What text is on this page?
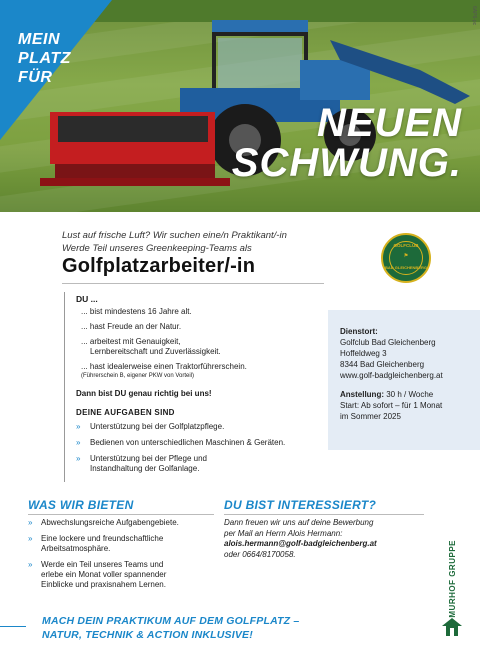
MEIN
PLATZ
FÜR
NEUEN
SCHWUNG.
6AP6-pc
Lust auf frische Luft? Wir suchen eine/n Praktikant/-in
Werde Teil unseres Greenkeeping-Teams als	GOLFCLUB
⚑
BAD GLEICHENBERG
Golfplatzarbeiter/-in
DU ...
... bist mindestens 16 Jahre alt.
... hast Freude an der Natur.
... arbeitest mit Genauigkeit,
Lernbereitschaft und Zuverlässigkeit.
... hast idealerweise einen Traktorführerschein.
(Führerschein B, eigener PKW von Vorteil)
Dann bist DU genau richtig bei uns!
DEINE AUFGABEN SIND
» Unterstützung bei der Golfplatzpflege.
» Bedienen von unterschiedlichen Maschinen & Geräten.
» Unterstützung bei der Pflege und
Instandhaltung der Golfanlage.
Dienstort:
Golfclub Bad Gleichenberg
Hoffeldweg 3
8344 Bad Gleichenberg
www.golf-badgleichenberg.at
Anstellung: 30 h / Woche
Start: Ab sofort – für 1 Monat
im Sommer 2025
WAS WIR BIETEN
» Abwechslungsreiche Aufgabengebiete.
» Eine lockere und freundschaftliche
Arbeitsatmosphäre.
» Werde ein Teil unseres Teams und
erlebe ein Monat voller spannender
Einblicke und praxisnahem Lernen.
DU BIST INTERESSIERT?
Dann freuen wir uns auf deine Bewerbung
per Mail an Herrn Alois Hermann:
alois.hermann@golf-badgleichenberg.at
oder 0664/8170058.	MURHOF GRUPPE
MACH DEIN PRAKTIKUM AUF DEM GOLFPLATZ –
NATUR, TECHNIK & ACTION INKLUSIVE!
